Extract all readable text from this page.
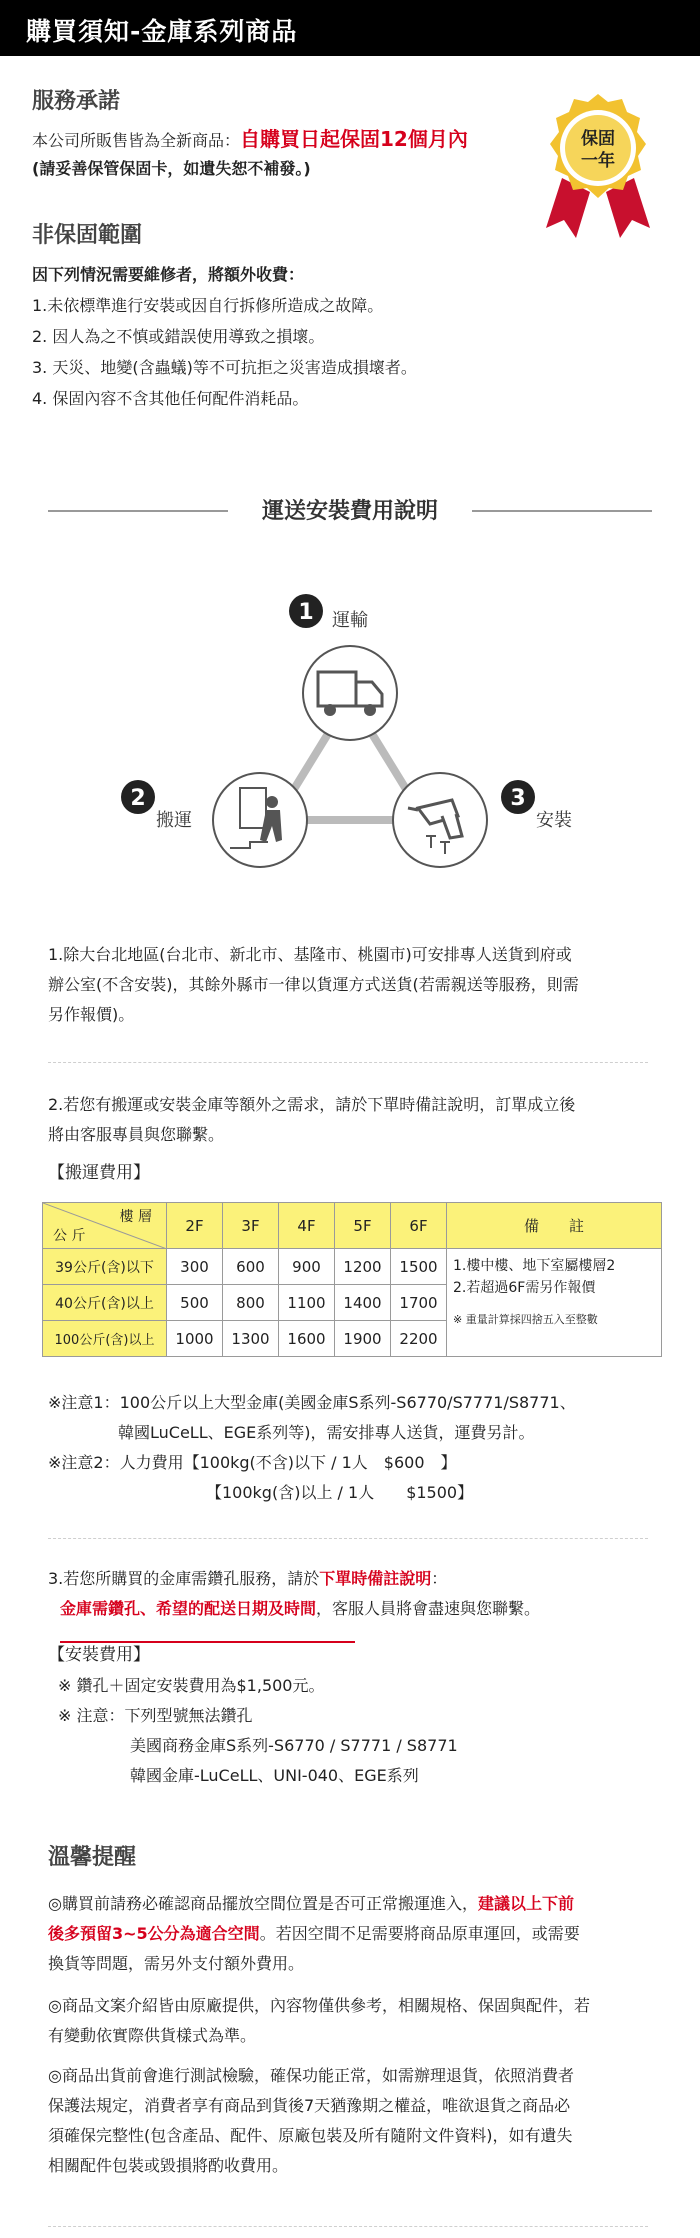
購買須知-金庫系列商品
服務承諾
本公司所販售皆為全新商品：自購買日起保固12個月內
(請妥善保管保固卡，如遺失恕不補發。)
保固
一年
非保固範圍
因下列情況需要維修者，將額外收費：
1.未依標準進行安裝或因自行拆修所造成之故障。
2. 因人為之不慎或錯誤使用導致之損壞。
3. 天災、地變(含蟲蟻)等不可抗拒之災害造成損壞者。
4. 保固內容不含其他任何配件消耗品。
運送安裝費用說明
1 運輸
2
搬運
3
安裝
1.除大台北地區(台北市、新北市、基隆市、桃園市)可安排專人送貨到府或
辦公室(不含安裝)，其餘外縣市一律以貨運方式送貨(若需親送等服務，則需
另作報價)。
2.若您有搬運或安裝金庫等額外之需求，請於下單時備註說明，訂單成立後
將由客服專員與您聯繫。
【搬運費用】
樓 層
公 斤	2F	3F	4F	5F	6F	備　　註
39公斤(含)以下	300	600	900	1200	1500	1.樓中樓、地下室屬樓層2
2.若超過6F需另作報價
※ 重量計算採四捨五入至整數

40公斤(含)以上	500	800	1100	1400	1700	
100公斤(含)以上	1000	1300	1600	1900	2200	
※注意1：100公斤以上大型金庫(美國金庫S系列-S6770/S7771/S8771、
韓國LuCeLL、EGE系列等)，需安排專人送貨，運費另計。
※注意2：人力費用【100kg(不含)以下 / 1人　$600　】
【100kg(含)以上 / 1人　　$1500】
3.若您所購買的金庫需鑽孔服務，請於下單時備註說明：
金庫需鑽孔、希望的配送日期及時間，客服人員將會盡速與您聯繫。
【安裝費用】
※ 鑽孔＋固定安裝費用為$1,500元。
※ 注意：下列型號無法鑽孔
美國商務金庫S系列-S6770 / S7771 / S8771
韓國金庫-LuCeLL、UNI-040、EGE系列
溫馨提醒
◎購買前請務必確認商品擺放空間位置是否可正常搬運進入，建議以上下前
後多預留3~5公分為適合空間。若因空間不足需要將商品原車運回，或需要
換貨等問題，需另外支付額外費用。
◎商品文案介紹皆由原廠提供，內容物僅供參考，相關規格、保固與配件，若
有變動依實際供貨樣式為準。
◎商品出貨前會進行測試檢驗，確保功能正常，如需辦理退貨，依照消費者
保護法規定，消費者享有商品到貨後7天猶豫期之權益，唯欲退貨之商品必
須確保完整性(包含產品、配件、原廠包裝及所有隨附文件資料)，如有遺失
相關配件包裝或毀損將酌收費用。
